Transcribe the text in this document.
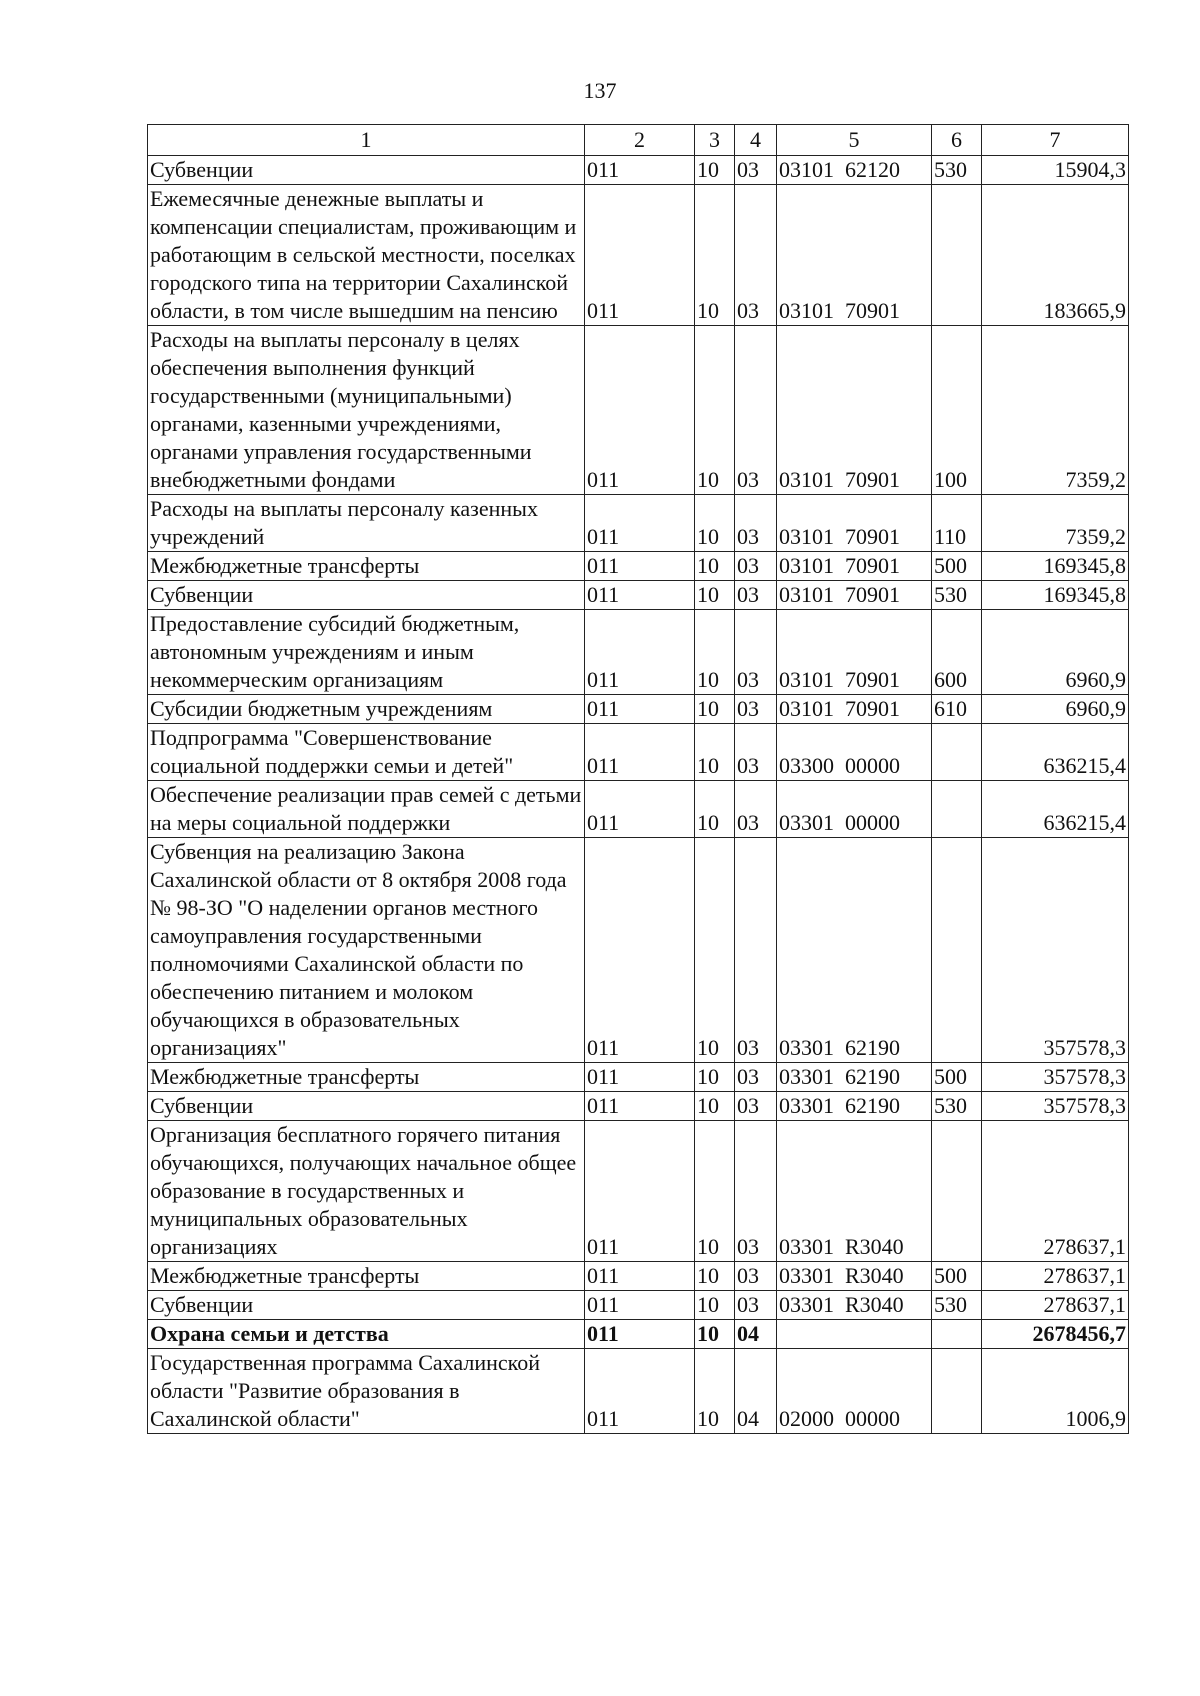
137
1	2	3	4	5	6	7
Субвенции	011	10	03	03101  62120	530	15904,3
Ежемесячные денежные выплаты и компенсации специалистам, проживающим и работающим в сельской местности, поселках городского типа на территории Сахалинской области, в том числе вышедшим на пенсию	011	10	03	03101  70901		183665,9
Расходы на выплаты персоналу в целях обеспечения выполнения функций государственными (муниципальными) органами, казенными учреждениями, органами управления государственными внебюджетными фондами	011	10	03	03101  70901	100	7359,2
Расходы на выплаты персоналу казенных учреждений	011	10	03	03101  70901	110	7359,2
Межбюджетные трансферты	011	10	03	03101  70901	500	169345,8
Субвенции	011	10	03	03101  70901	530	169345,8
Предоставление субсидий бюджетным, автономным учреждениям и иным некоммерческим организациям	011	10	03	03101  70901	600	6960,9
Субсидии бюджетным учреждениям	011	10	03	03101  70901	610	6960,9
Подпрограмма "Совершенствование социальной поддержки семьи и детей"	011	10	03	03300  00000		636215,4
Обеспечение реализации прав семей с детьми на меры социальной поддержки	011	10	03	03301  00000		636215,4
Субвенция на реализацию Закона Сахалинской области от 8 октября 2008 года № 98-ЗО "О наделении органов местного самоуправления государственными полномочиями Сахалинской области по обеспечению питанием и молоком обучающихся в образовательных организациях"	011	10	03	03301  62190		357578,3
Межбюджетные трансферты	011	10	03	03301  62190	500	357578,3
Субвенции	011	10	03	03301  62190	530	357578,3
Организация бесплатного горячего питания обучающихся, получающих начальное общее образование в государственных и муниципальных образовательных организациях	011	10	03	03301  R3040		278637,1
Межбюджетные трансферты	011	10	03	03301  R3040	500	278637,1
Субвенции	011	10	03	03301  R3040	530	278637,1
Охрана семьи и детства	011	10	04			2678456,7
Государственная программа Сахалинской области "Развитие образования в Сахалинской области"	011	10	04	02000  00000		1006,9
